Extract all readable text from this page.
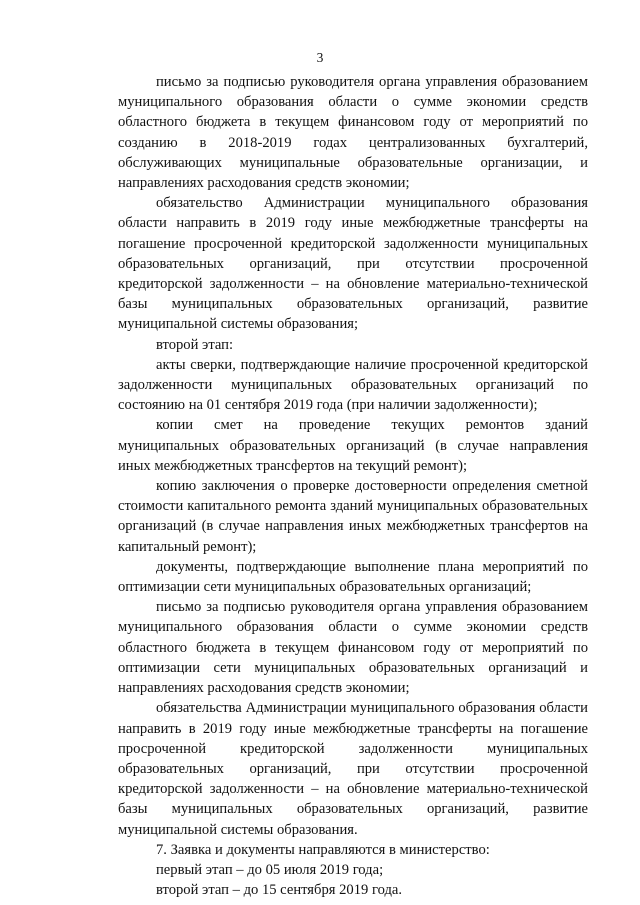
3

письмо за подписью руководителя органа управления образованием муниципального образования области о сумме экономии средств областного бюджета в текущем финансовом году от мероприятий по созданию в 2018-2019 годах централизованных бухгалтерий, обслуживающих муниципальные образовательные организации, и направлениях расходования средств экономии;

обязательство Администрации муниципального образования области направить в 2019 году иные межбюджетные трансферты на погашение просроченной кредиторской задолженности муниципальных образовательных организаций, при отсутствии просроченной кредиторской задолженности – на обновление материально-технической базы муниципальных образовательных организаций, развитие муниципальной системы образования;

второй этап:

акты сверки, подтверждающие наличие просроченной кредиторской задолженности муниципальных образовательных организаций по состоянию на 01 сентября 2019 года (при наличии задолженности);

копии смет на проведение текущих ремонтов зданий муниципальных образовательных организаций (в случае направления иных межбюджетных трансфертов на текущий ремонт);

копию заключения о проверке достоверности определения сметной стоимости капитального ремонта зданий муниципальных образовательных организаций (в случае направления иных межбюджетных трансфертов на капитальный ремонт);

документы, подтверждающие выполнение плана мероприятий по оптимизации сети муниципальных образовательных организаций;

письмо за подписью руководителя органа управления образованием муниципального образования области о сумме экономии средств областного бюджета в текущем финансовом году от мероприятий по оптимизации сети муниципальных образовательных организаций и направлениях расходования средств экономии;

обязательства Администрации муниципального образования области направить в 2019 году иные межбюджетные трансферты на погашение просроченной кредиторской задолженности муниципальных образовательных организаций, при отсутствии просроченной кредиторской задолженности – на обновление материально-технической базы муниципальных образовательных организаций, развитие муниципальной системы образования.

7. Заявка и документы направляются в министерство:

первый этап – до 05 июля 2019 года;

второй этап – до 15 сентября 2019 года.
